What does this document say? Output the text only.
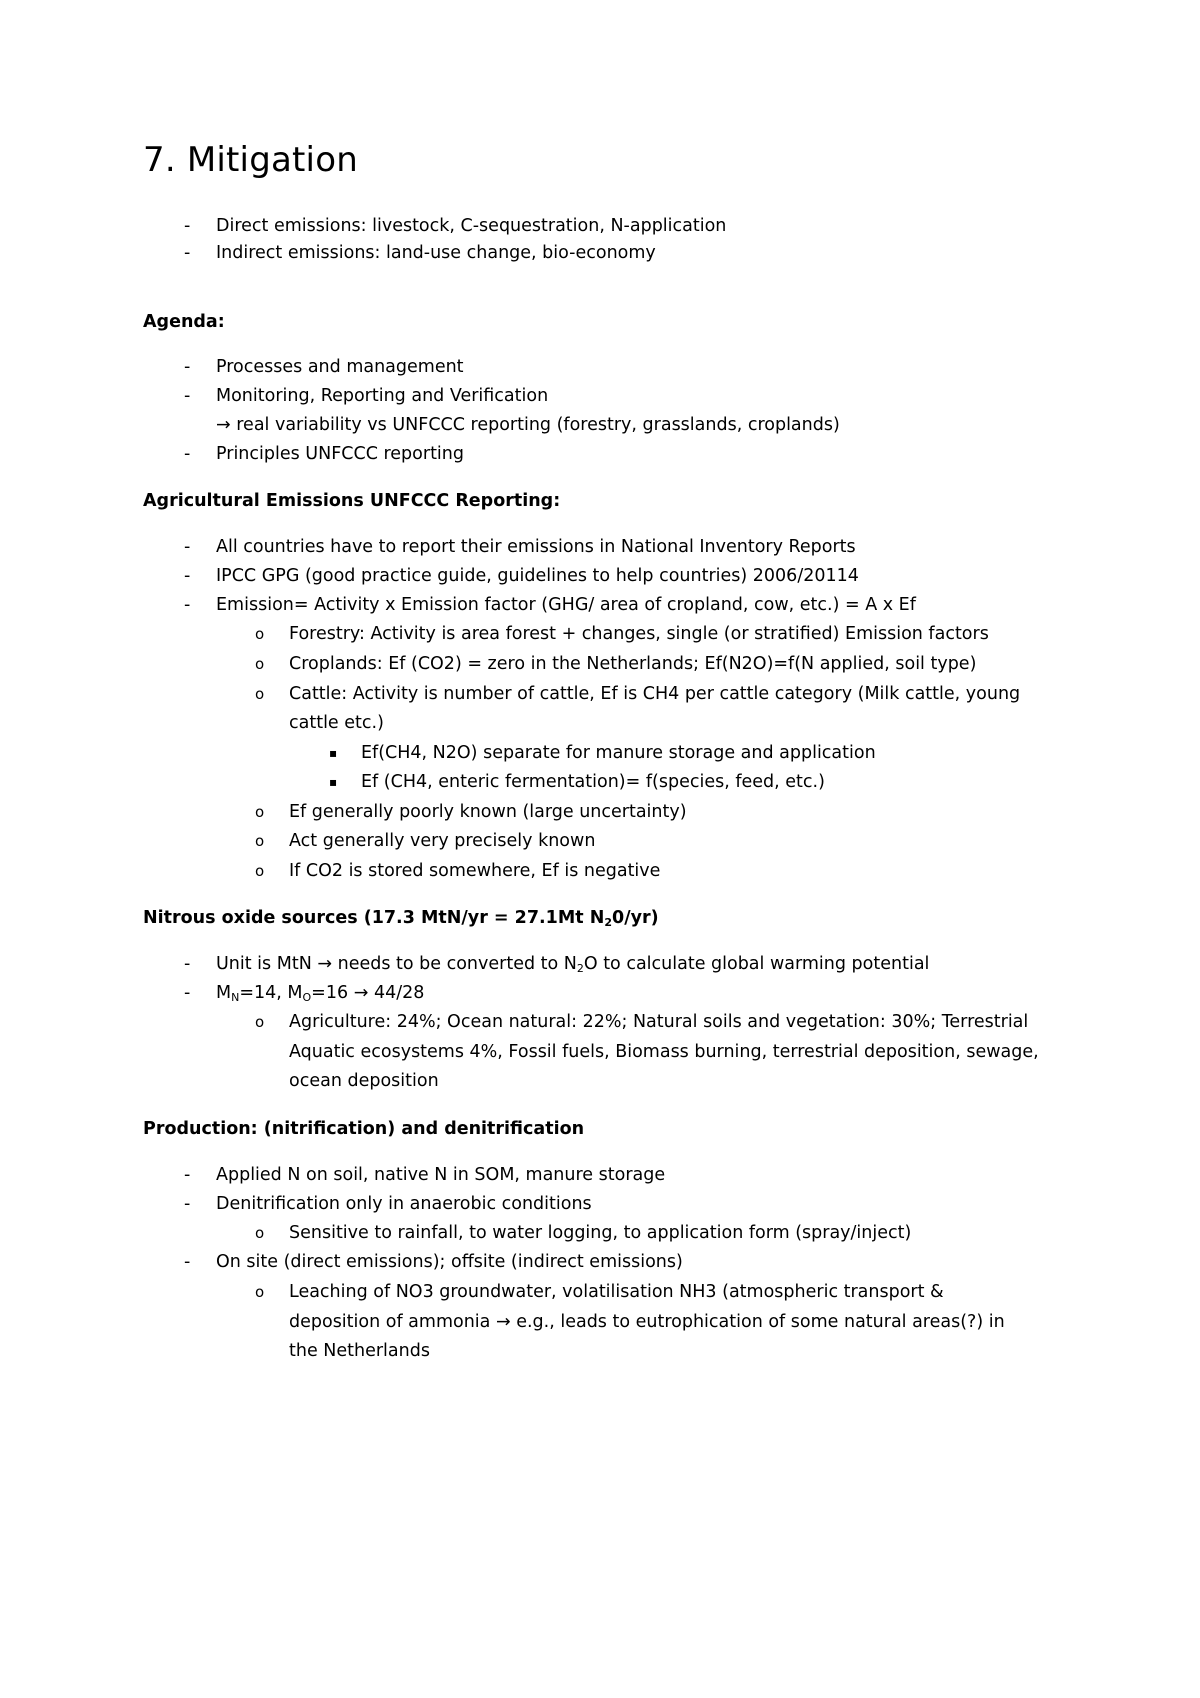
7. Mitigation
- Direct emissions: livestock, C-sequestration, N-application
- Indirect emissions: land-use change, bio-economy
Agenda:
- Processes and management
- Monitoring, Reporting and Verification
→ real variability vs UNFCCC reporting (forestry, grasslands, croplands)
- Principles UNFCCC reporting
Agricultural Emissions UNFCCC Reporting:
- All countries have to report their emissions in National Inventory Reports
- IPCC GPG (good practice guide, guidelines to help countries) 2006/20114
- Emission= Activity x Emission factor (GHG/ area of cropland, cow, etc.) = A x Ef
o Forestry: Activity is area forest + changes, single (or stratified) Emission factors
o Croplands: Ef (CO2) = zero in the Netherlands; Ef(N2O)=f(N applied, soil type)
o Cattle: Activity is number of cattle, Ef is CH4 per cattle category (Milk cattle, young
cattle etc.)
▪ Ef(CH4, N2O) separate for manure storage and application
▪ Ef (CH4, enteric fermentation)= f(species, feed, etc.)
o Ef generally poorly known (large uncertainty)
o Act generally very precisely known
o If CO2 is stored somewhere, Ef is negative
Nitrous oxide sources (17.3 MtN/yr = 27.1Mt $N_20/yr$)
- Unit is MtN → needs to be converted to $N_2O$ to calculate global warming potential
- $M_N=14$, $M_O=16 \to 44/28$
o Agriculture: 24%; Ocean natural: 22%; Natural soils and vegetation: 30%; Terrestrial
Aquatic ecosystems 4%, Fossil fuels, Biomass burning, terrestrial deposition, sewage,
ocean deposition
Production: (nitrification) and denitrification
- Applied N on soil, native N in SOM, manure storage
- Denitrification only in anaerobic conditions
o Sensitive to rainfall, to water logging, to application form (spray/inject)
- On site (direct emissions); offsite (indirect emissions)
o Leaching of NO3 groundwater, volatilisation NH3 (atmospheric transport &
deposition of ammonia → e.g., leads to eutrophication of some natural areas(?) in
the Netherlands
